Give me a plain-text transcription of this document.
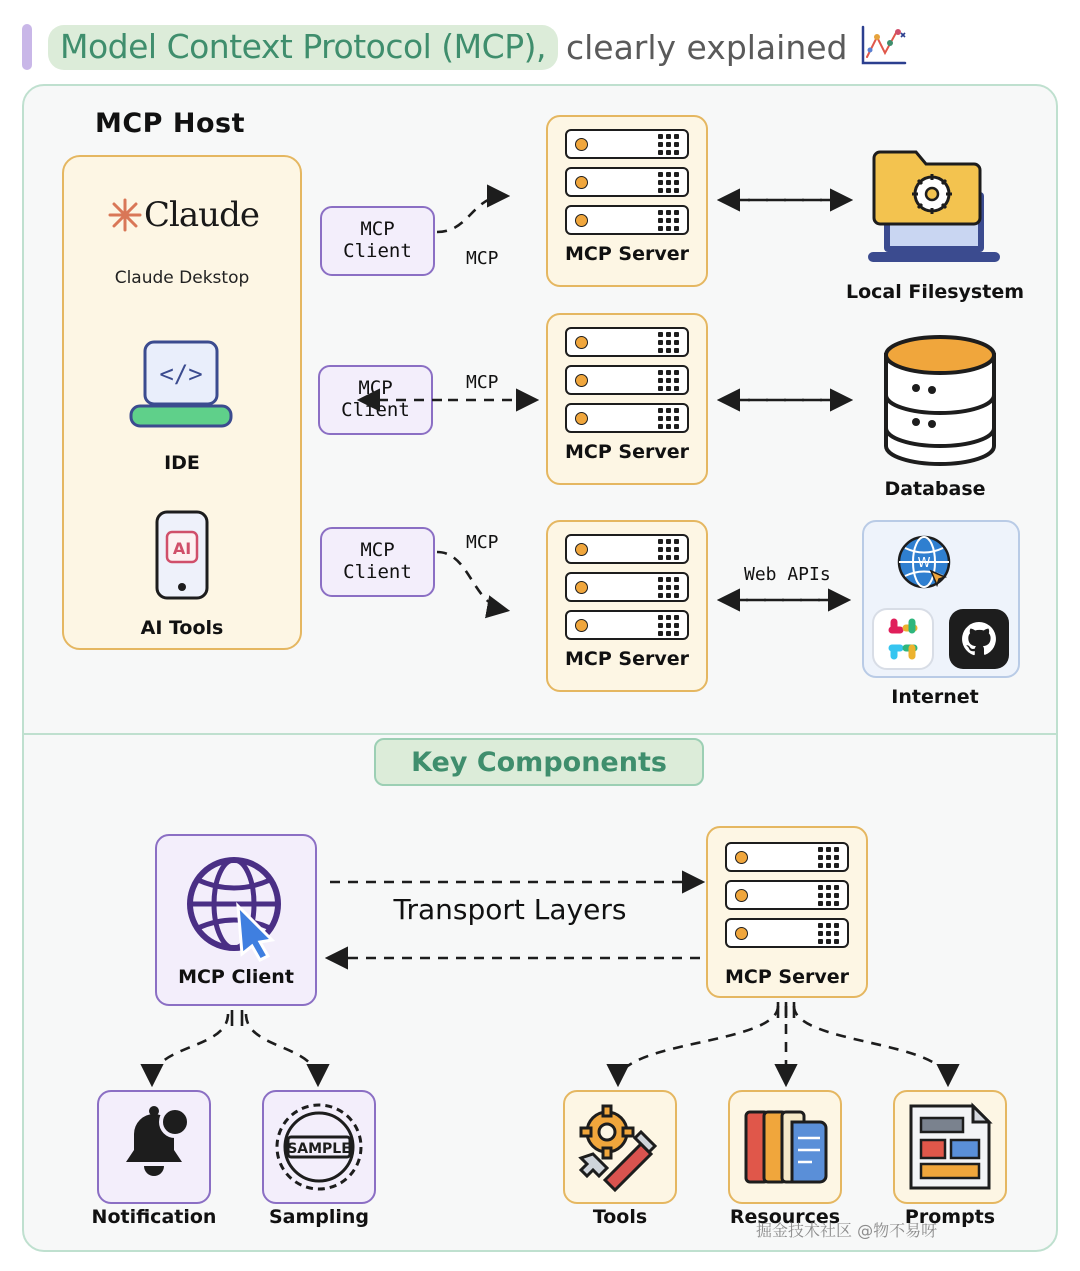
Model Context Protocol (MCP), clearly explained
MCP Host
Claude
Claude Dekstop
</>
IDE
AI
AI Tools
MCP
Client
MCP
Client
MCP
Client
MCP Server
MCP Server
MCP Server
Local Filesystem
Database
W
Internet
MCP
MCP
MCP
Web APIs
Key Components
MCP Client	MCP Server
Transport Layers
Notification
SAMPLE
Sampling	Tools	Resources	Prompts
掘金技术社区 @物不易呀
